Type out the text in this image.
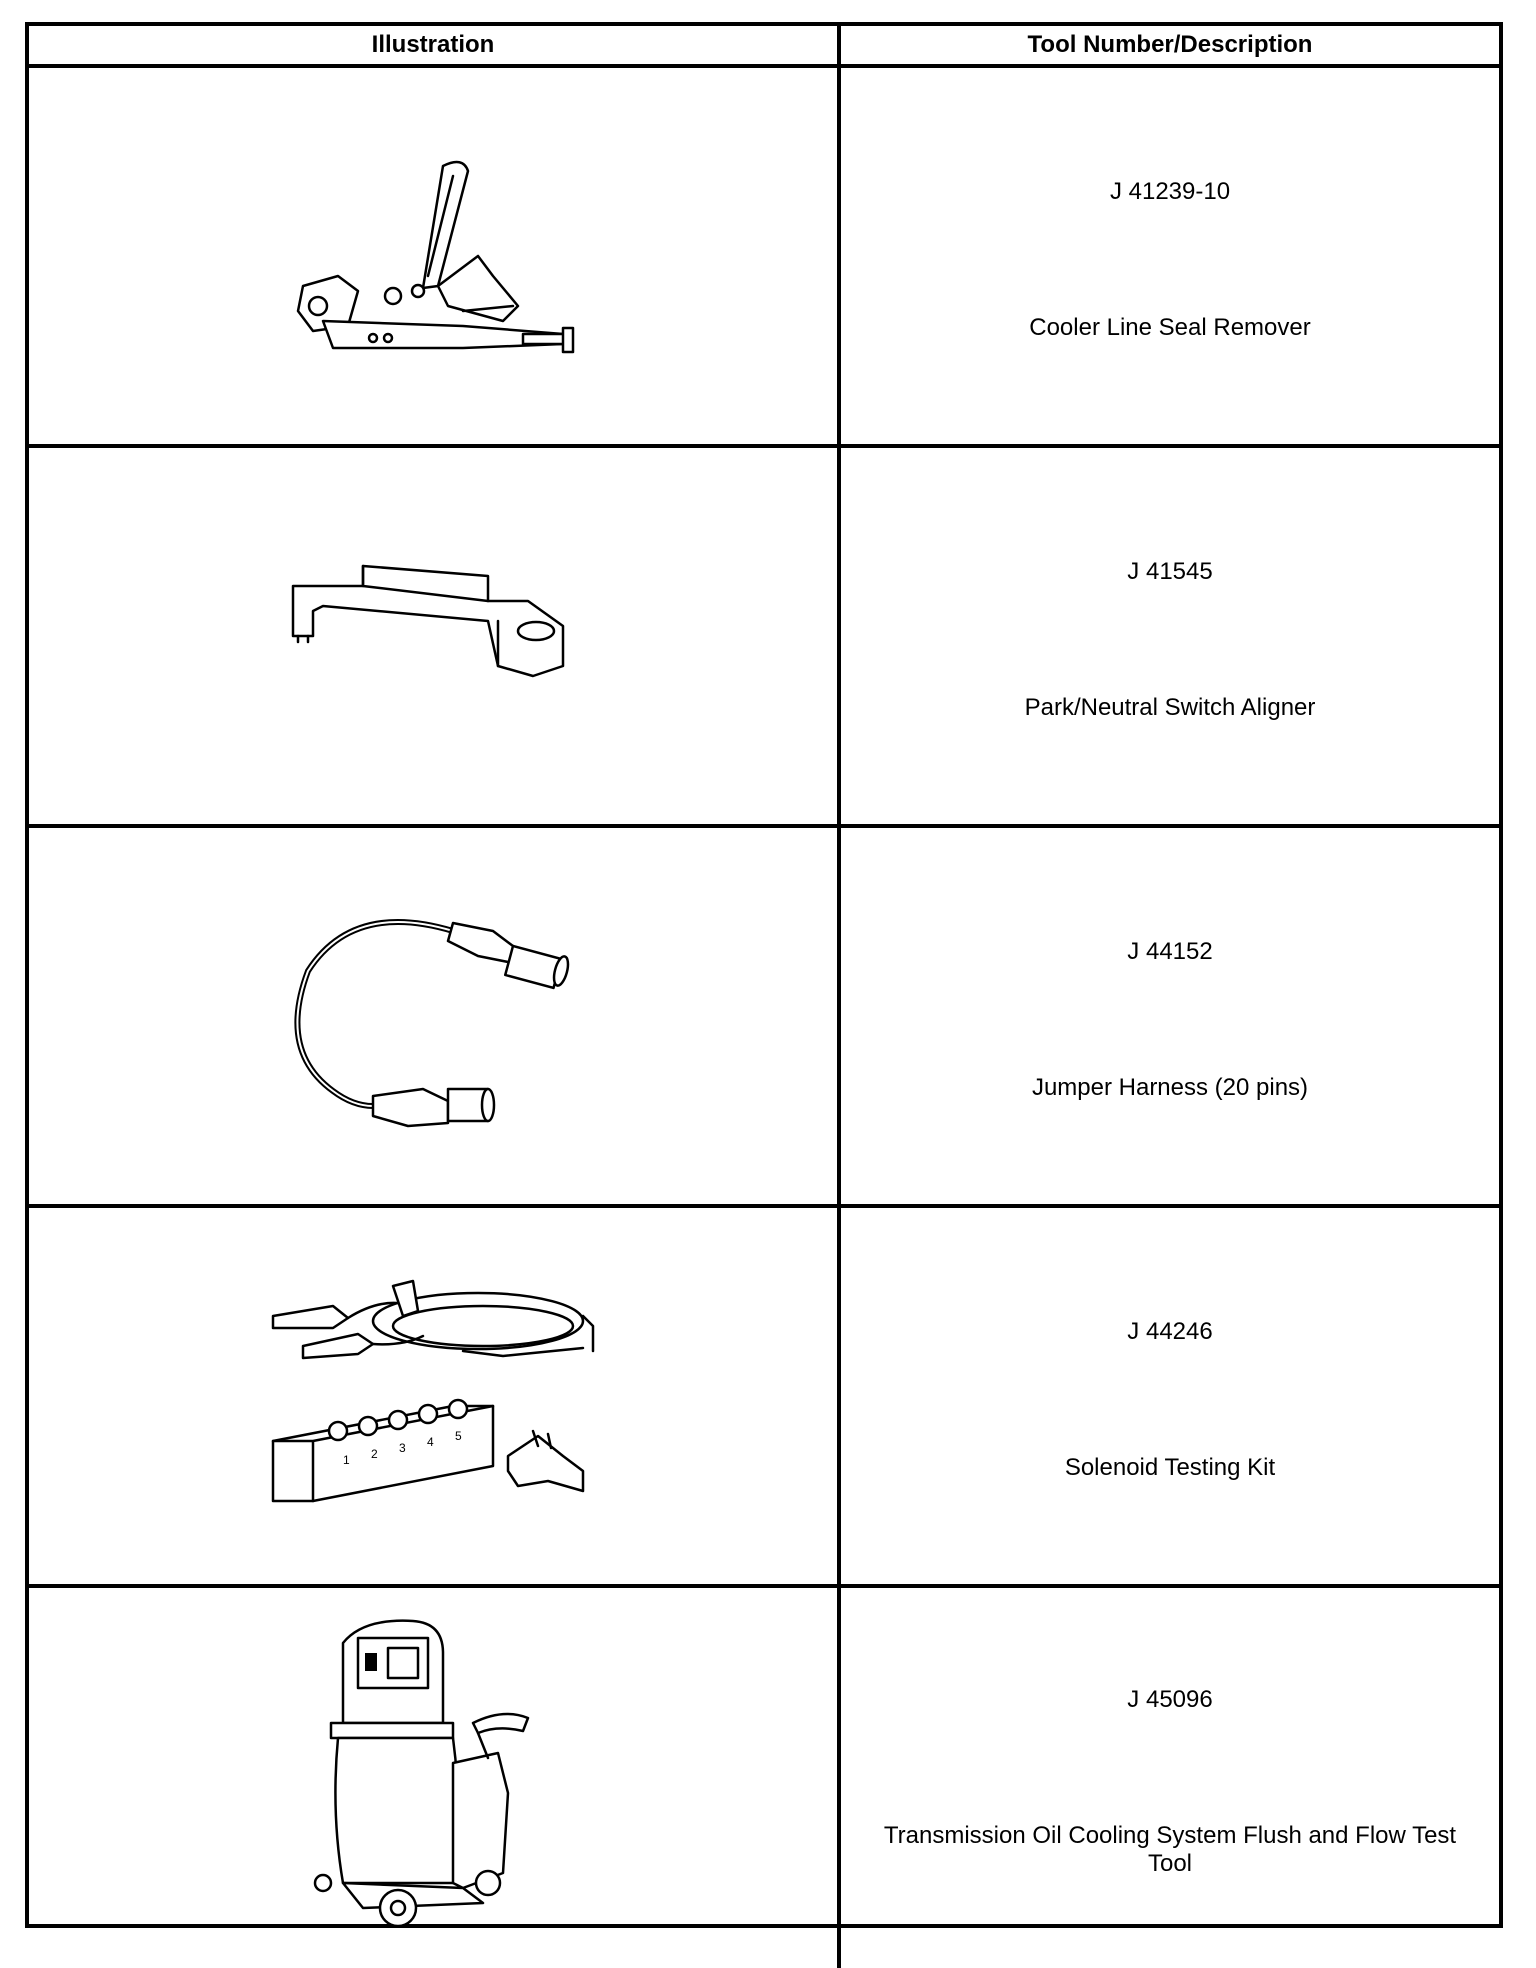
Illustration	Tool Number/Description
J 41239-10
Cooler Line Seal Remover
J 41545
Park/Neutral Switch Aligner
J 44152
Jumper Harness (20 pins)
1 2 3 4 5
J 44246
Solenoid Testing Kit
J 45096
Transmission Oil Cooling System Flush and Flow Test Tool
